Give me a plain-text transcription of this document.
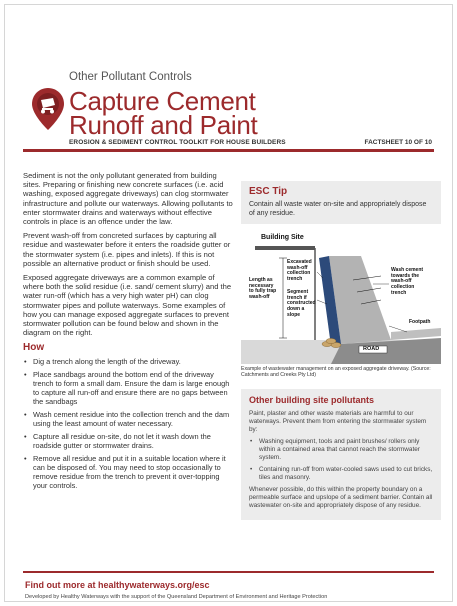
Other Pollutant Controls
Capture Cement
Runoff and Paint
EROSION & SEDIMENT CONTROL TOOLKIT FOR HOUSE BUILDERS	FACTSHEET 10 OF 10

Sediment is not the only pollutant generated from building sites. Preparing or finishing new concrete surfaces (i.e. acid washing, exposed aggregate driveways) can clog stormwater infrastructure and pollute our waterways. Allowing pollutants to enter stormwater drains and waterways without effective controls in place is an offence under the law.

Prevent wash-off from concreted surfaces by capturing all residue and wastewater before it enters the roadside gutter or the stormwater system (i.e. pipes and inlets). If this is not possible an alternative product or finish should be used.

Exposed aggregate driveways are a common example of where both the solid residue (i.e. sand/ cement slurry) and the water run-off (which has a very high water pH) can clog stormwater pipes and pollute waterways. Some examples of how you can manage exposed aggregate surfaces to prevent stormwater pollution can be found below and shown in the diagram on the right.

How
• Dig a trench along the length of the driveway.
• Place sandbags around the bottom end of the driveway trench to form a small dam. Ensure the dam is large enough to capture all run-off and ensure there are no gaps between the sandbags
• Wash cement residue into the collection trench and the dam using the least amount of water necessary.
• Capture all residue on-site, do not let it wash down the roadside gutter or stormwater drains.
• Remove all residue and put it in a suitable location where it can be disposed of. You may need to stop occasionally to remove residue from the trench to prevent it over-topping your controls.
ESC Tip
Contain all waste water on-site and appropriately dispose of any residue.
Building Site
Length as necessary to fully trap wash-off
Excavated wash-off collection trench
Segment trench if constructed down a slope
Wash cement towards the wash-off collection trench
Footpath
ROAD
Example of wastewater management on an exposed aggregate driveway. (Source: Catchments and Creeks Pty Ltd)
Other building site pollutants

Paint, plaster and other waste materials are harmful to our waterways. Prevent them from entering the stormwater system by:

• Washing equipment, tools and paint brushes/ rollers only within a contained area that cannot reach the stormwater system.
• Containing run-off from water-cooled saws used to cut bricks, tiles and masonry.

Whenever possible, do this within the property boundary on a permeable surface and upslope of a sediment barrier. Contain all wastewater on-site and appropriately dispose of any residue.

Find out more at healthywaterways.org/esc
Developed by Healthy Waterways with the support of the Queensland Department of Environment and Heritage Protection
